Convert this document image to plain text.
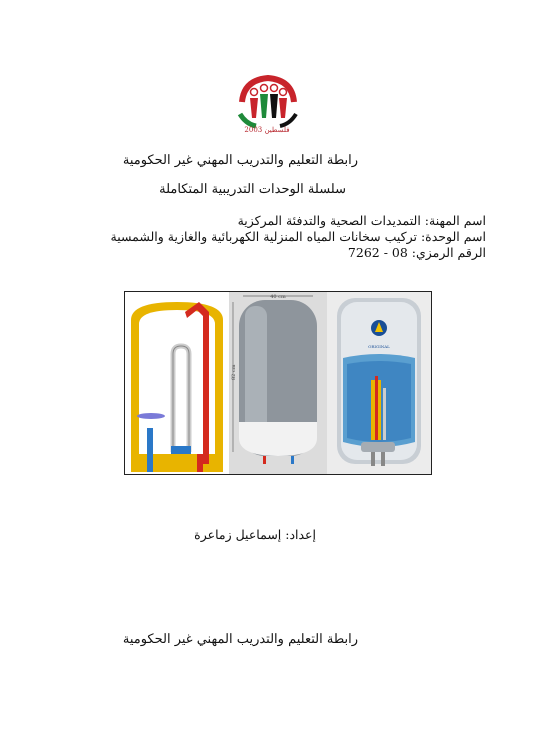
فلسطين 2003
رابطة التعليم والتدريب المهني غير الحكومية
سلسلة الوحدات التدريبية المتكاملة
اسم المهنة: التمديدات الصحية والتدفئة المركزية
اسم الوحدة: تركيب سخانات المياه المنزلية الكهربائية والغازية والشمسية
الرقم الرمزي: 08 - 7262
40 cm
82 cm
ORIGINAL
إعداد: إسماعيل زماعرة
رابطة التعليم والتدريب المهني غير الحكومية
